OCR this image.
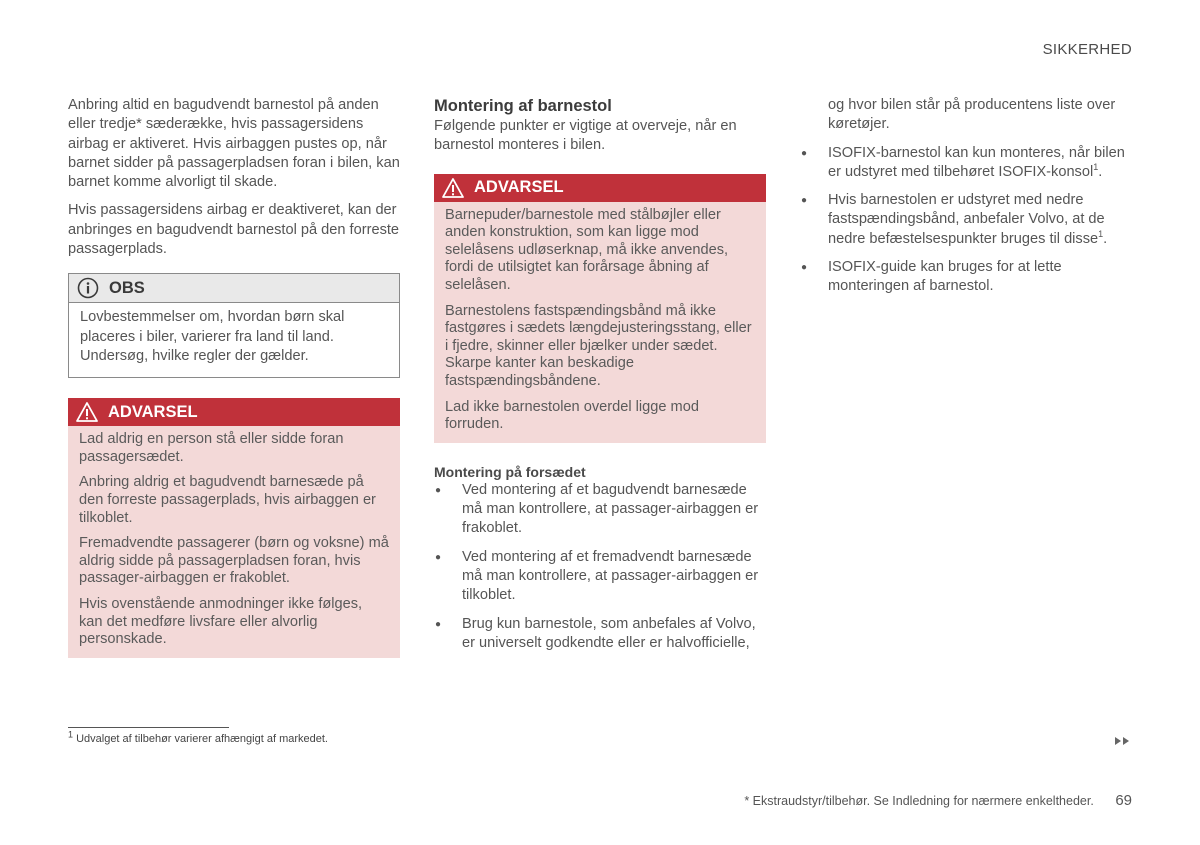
SIKKERHED

Anbring altid en bagudvendt barnestol på anden eller tredje* sæderække, hvis passagersidens airbag er aktiveret. Hvis airbaggen pustes op, når barnet sidder på passagerpladsen foran i bilen, kan barnet komme alvorligt til skade.

Hvis passagersidens airbag er deaktiveret, kan der anbringes en bagudvendt barnestol på den forreste passagerplads.

OBS

Lovbestemmelser om, hvordan børn skal placeres i biler, varierer fra land til land. Undersøg, hvilke regler der gælder.

ADVARSEL

Lad aldrig en person stå eller sidde foran passagersædet.

Anbring aldrig et bagudvendt barnesæde på den forreste passagerplads, hvis airbaggen er tilkoblet.

Fremadvendte passagerer (børn og voksne) må aldrig sidde på passagerpladsen foran, hvis passager-airbaggen er frakoblet.

Hvis ovenstående anmodninger ikke følges, kan det medføre livsfare eller alvorlig personskade.

Montering af barnestol

Følgende punkter er vigtige at overveje, når en barnestol monteres i bilen.

ADVARSEL

Barnepuder/barnestole med stålbøjler eller anden konstruktion, som kan ligge mod selelåsens udløserknap, må ikke anvendes, fordi de utilsigtet kan forårsage åbning af selelåsen.

Barnestolens fastspændingsbånd må ikke fastgøres i sædets længdejusteringsstang, eller i fjedre, skinner eller bjælker under sædet. Skarpe kanter kan beskadige fastspændingsbåndene.

Lad ikke barnestolen overdel ligge mod forruden.

Montering på forsædet
● Ved montering af et bagudvendt barnesæde må man kontrollere, at passager-airbaggen er frakoblet.
● Ved montering af et fremadvendt barnesæde må man kontrollere, at passager-airbaggen er tilkoblet.
● Brug kun barnestole, som anbefales af Volvo, er universelt godkendte eller er halvofficielle,
og hvor bilen står på producentens liste over køretøjer.
● ISOFIX-barnestol kan kun monteres, når bilen er udstyret med tilbehøret ISOFIX-konsol$^1$.
● Hvis barnestolen er udstyret med nedre fastspændingsbånd, anbefaler Volvo, at de nedre befæstelsespunkter bruges til disse$^1$.
● ISOFIX-guide kan bruges for at lette monteringen af barnestol.
$^1$ Udvalget af tilbehør varierer afhængigt af markedet.
* Ekstraudstyr/tilbehør. Se Indledning for nærmere enkeltheder. 69
